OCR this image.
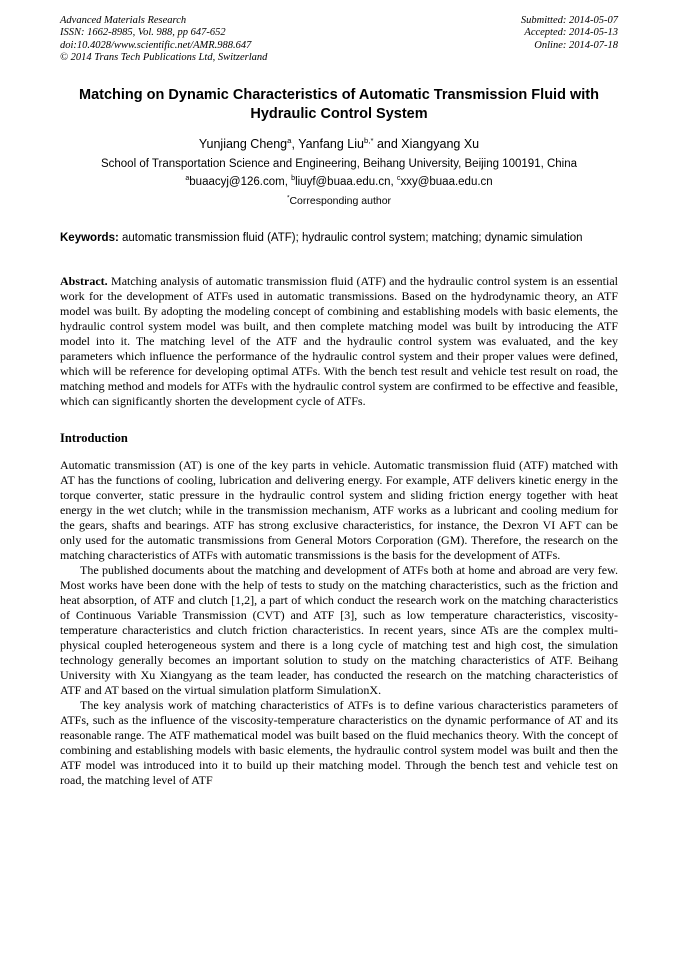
Advanced Materials Research
ISSN: 1662-8985, Vol. 988, pp 647-652
doi:10.4028/www.scientific.net/AMR.988.647
© 2014 Trans Tech Publications Ltd, Switzerland
Submitted: 2014-05-07
Accepted: 2014-05-13
Online: 2014-07-18
Matching on Dynamic Characteristics of Automatic Transmission Fluid with Hydraulic Control System
Yunjiang Cheng$^a$, Yanfang Liu$^{b,*}$ and Xiangyang Xu
School of Transportation Science and Engineering, Beihang University, Beijing 100191, China
$^a$buaacyj@126.com, $^b$liuyf@buaa.edu.cn, $^c$xxy@buaa.edu.cn
*Corresponding author

Keywords: automatic transmission fluid (ATF); hydraulic control system; matching; dynamic simulation

Abstract. Matching analysis of automatic transmission fluid (ATF) and the hydraulic control system is an essential work for the development of ATFs used in automatic transmissions. Based on the hydrodynamic theory, an ATF model was built. By adopting the modeling concept of combining and establishing models with basic elements, the hydraulic control system model was built, and then complete matching model was built by introducing the ATF model into it. The matching level of the ATF and the hydraulic control system was evaluated, and the key parameters which influence the performance of the hydraulic control system and their proper values were defined, which will be reference for developing optimal ATFs. With the bench test result and vehicle test result on road, the matching method and models for ATFs with the hydraulic control system are confirmed to be effective and feasible, which can significantly shorten the development cycle of ATFs.

Introduction

Automatic transmission (AT) is one of the key parts in vehicle. Automatic transmission fluid (ATF) matched with AT has the functions of cooling, lubrication and delivering energy. For example, ATF delivers kinetic energy in the torque converter, static pressure in the hydraulic control system and sliding friction energy together with heat energy in the wet clutch; while in the transmission mechanism, ATF works as a lubricant and cooling medium for the gears, shafts and bearings. ATF has strong exclusive characteristics, for instance, the Dexron VI AFT can be only used for the automatic transmissions from General Motors Corporation (GM). Therefore, the research on the matching characteristics of ATFs with automatic transmissions is the basis for the development of ATFs.

The published documents about the matching and development of ATFs both at home and abroad are very few. Most works have been done with the help of tests to study on the matching characteristics, such as the friction and heat absorption, of ATF and clutch [1,2], a part of which conduct the research work on the matching characteristics of Continuous Variable Transmission (CVT) and ATF [3], such as low temperature characteristics, viscosity-temperature characteristics and clutch friction characteristics. In recent years, since ATs are the complex multi-physical coupled heterogeneous system and there is a long cycle of matching test and high cost, the simulation technology generally becomes an important solution to study on the matching characteristics of ATF. Beihang University with Xu Xiangyang as the team leader, has conducted the research on the matching characteristics of ATF and AT based on the virtual simulation platform SimulationX.

The key analysis work of matching characteristics of ATFs is to define various characteristics parameters of ATFs, such as the influence of the viscosity-temperature characteristics on the dynamic performance of AT and its reasonable range. The ATF mathematical model was built based on the fluid mechanics theory. With the concept of combining and establishing models with basic elements, the hydraulic control system model was built and then the ATF model was introduced into it to build up their matching model. Through the bench test and vehicle test on road, the matching level of ATF
